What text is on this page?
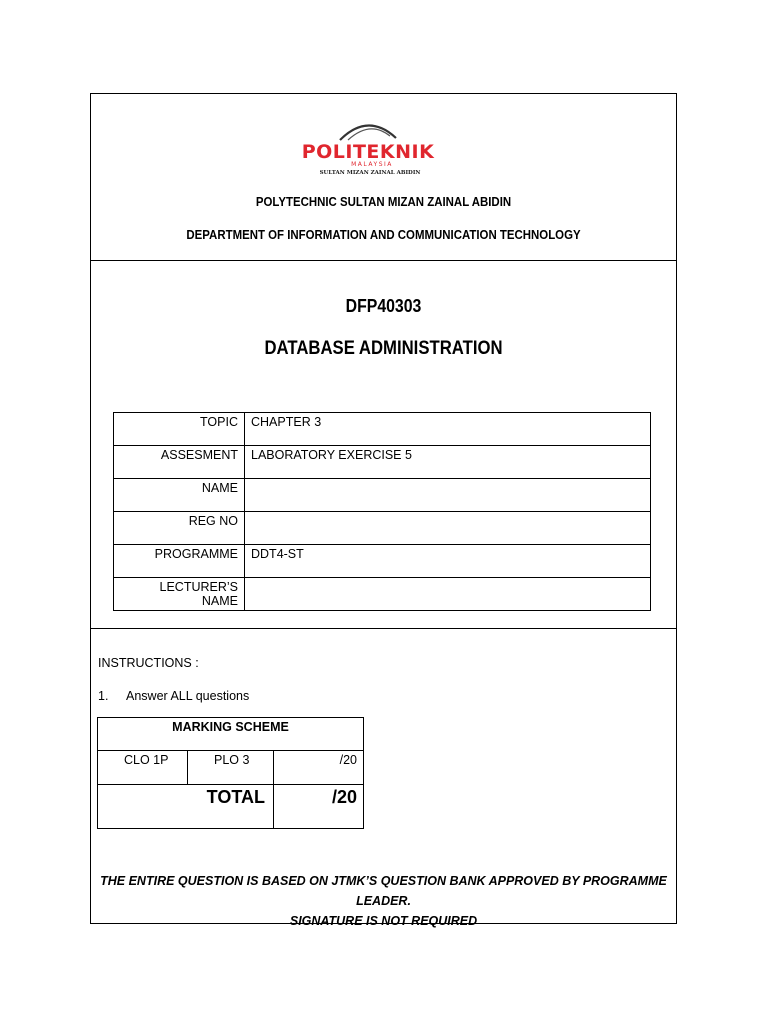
POLITEKNIK
MALAYSIA
SULTAN MIZAN ZAINAL ABIDIN
POLYTECHNIC SULTAN MIZAN ZAINAL ABIDIN
DEPARTMENT OF INFORMATION AND COMMUNICATION TECHNOLOGY
DFP40303
DATABASE ADMINISTRATION
TOPIC	CHAPTER 3
ASSESMENT	LABORATORY EXERCISE 5
NAME	
REG NO	
PROGRAMME	DDT4-ST
LECTURER’S NAME	
INSTRUCTIONS :
1. Answer ALL questions
MARKING SCHEME		
CLO 1P	PLO 3	/20
TOTAL		/20
THE ENTIRE QUESTION IS BASED ON JTMK’S QUESTION BANK APPROVED BY PROGRAMME LEADER.
SIGNATURE IS NOT REQUIRED
